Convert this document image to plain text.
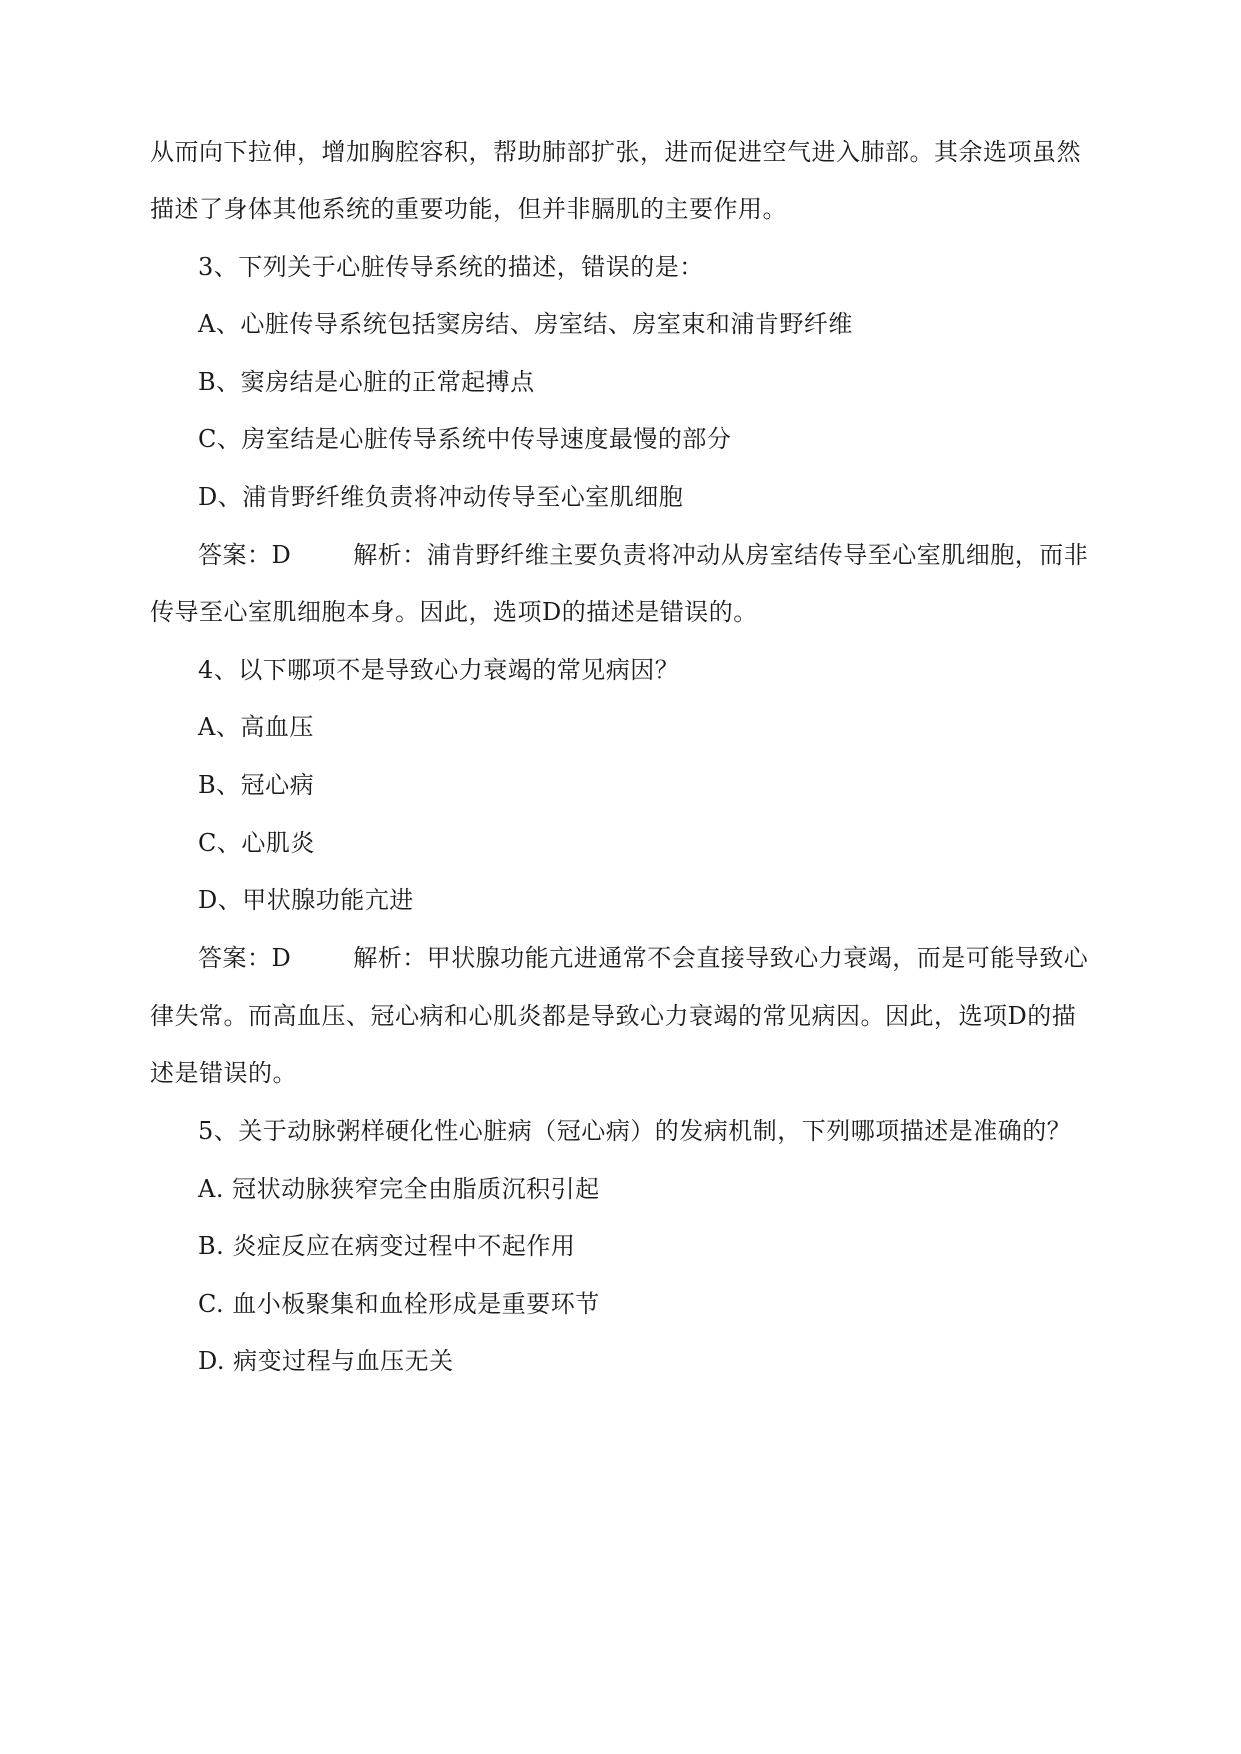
从而向下拉伸，增加胸腔容积，帮助肺部扩张，进而促进空气进入肺部。其余选项虽然
描述了身体其他系统的重要功能，但并非膈肌的主要作用。
3、下列关于心脏传导系统的描述，错误的是：
A、心脏传导系统包括窦房结、房室结、房室束和浦肯野纤维
B、窦房结是心脏的正常起搏点
C、房室结是心脏传导系统中传导速度最慢的部分
D、浦肯野纤维负责将冲动传导至心室肌细胞
答案：D	解析：浦肯野纤维主要负责将冲动从房室结传导至心室肌细胞，而非
传导至心室肌细胞本身。因此，选项D的描述是错误的。
4、以下哪项不是导致心力衰竭的常见病因？
A、高血压
B、冠心病
C、心肌炎
D、甲状腺功能亢进
答案：D	解析：甲状腺功能亢进通常不会直接导致心力衰竭，而是可能导致心
律失常。而高血压、冠心病和心肌炎都是导致心力衰竭的常见病因。因此，选项D的描
述是错误的。
5、关于动脉粥样硬化性心脏病（冠心病）的发病机制，下列哪项描述是准确的？
A. 冠状动脉狭窄完全由脂质沉积引起
B. 炎症反应在病变过程中不起作用
C. 血小板聚集和血栓形成是重要环节
D. 病变过程与血压无关
